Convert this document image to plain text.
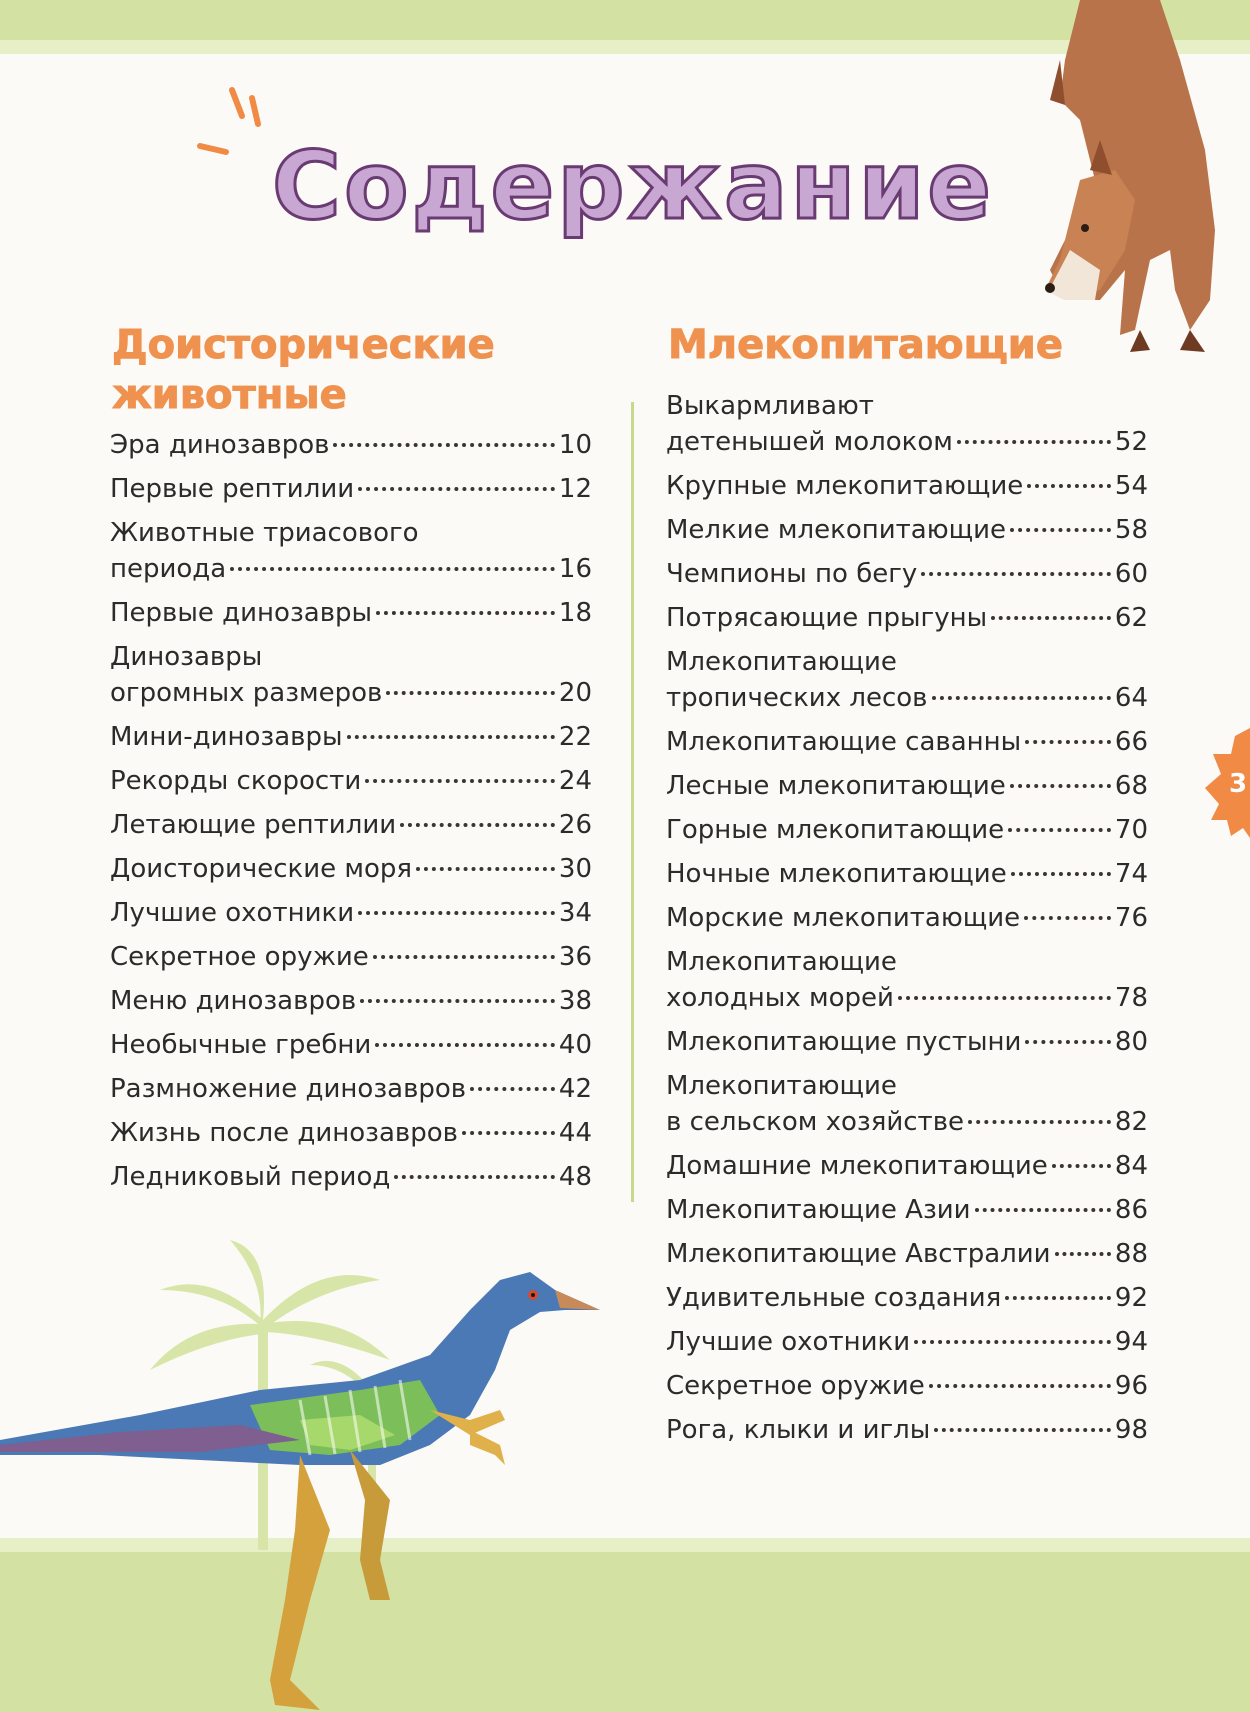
Содержание
Доисторические животные
Млекопитающие
Эра динозавров	10
Первые рептилии	12
Животные триасового
периода	16
Первые динозавры	18
Динозавры
огромных размеров	20
Мини-динозавры	22
Рекорды скорости	24
Летающие рептилии	26
Доисторические моря	30
Лучшие охотники	34
Секретное оружие	36
Меню динозавров	38
Необычные гребни	40
Размножение динозавров	42
Жизнь после динозавров	44
Ледниковый период	48
Выкармливают
детенышей молоком	52
Крупные млекопитающие	54
Мелкие млекопитающие	58
Чемпионы по бегу	60
Потрясающие прыгуны	62
Млекопитающие
тропических лесов	64
Млекопитающие саванны	66
Лесные млекопитающие	68
Горные млекопитающие	70
Ночные млекопитающие	74
Морские млекопитающие	76
Млекопитающие
холодных морей	78
Млекопитающие пустыни	80
Млекопитающие
в сельском хозяйстве	82
Домашние млекопитающие	84
Млекопитающие Азии	86
Млекопитающие Австралии 88
Удивительные создания	92
Лучшие охотники	94
Секретное оружие	96
Рога, клыки и иглы	98
3
